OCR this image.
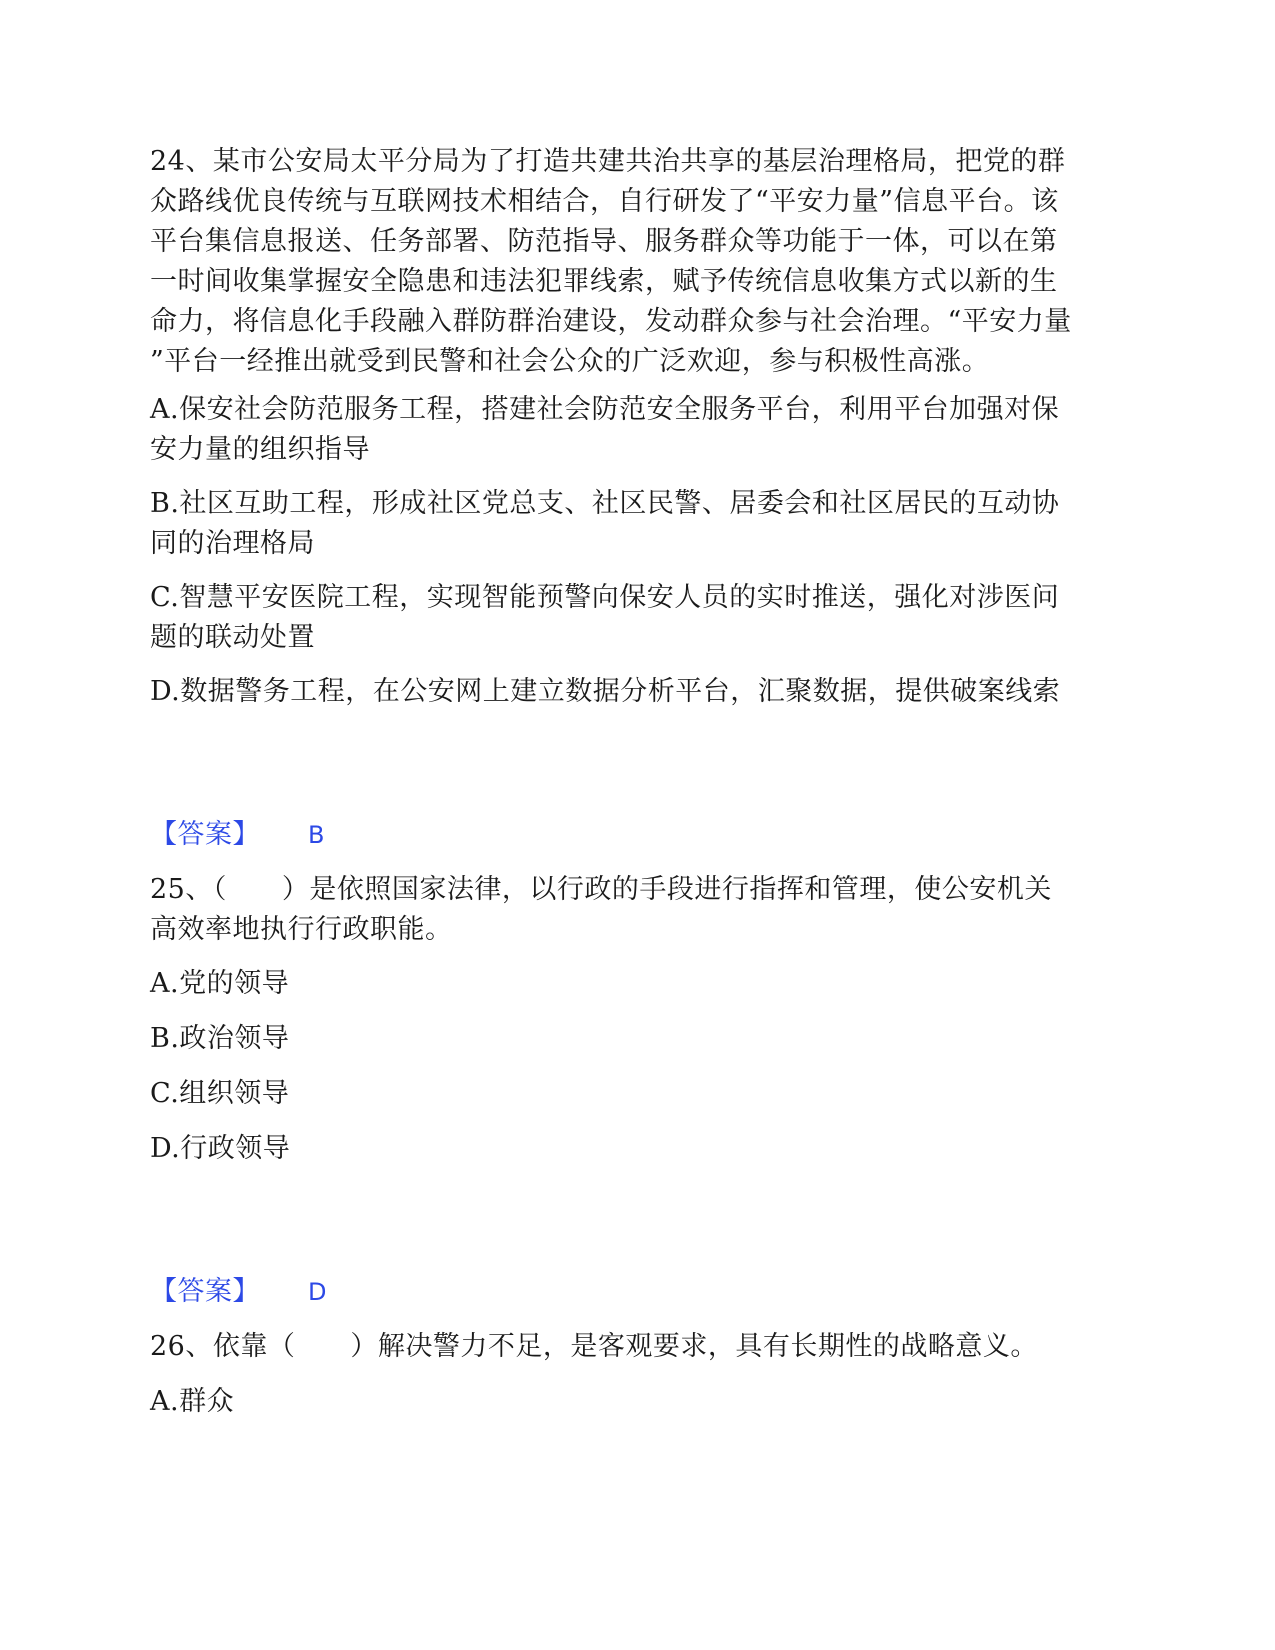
24、某市公安局太平分局为了打造共建共治共享的基层治理格局，把党的群
众路线优良传统与互联网技术相结合，自行研发了“平安力量”信息平台。该
平台集信息报送、任务部署、防范指导、服务群众等功能于一体，可以在第
一时间收集掌握安全隐患和违法犯罪线索，赋予传统信息收集方式以新的生
命力，将信息化手段融入群防群治建设，发动群众参与社会治理。“平安力量
”平台一经推出就受到民警和社会公众的广泛欢迎，参与积极性高涨。
A.保安社会防范服务工程，搭建社会防范安全服务平台，利用平台加强对保
安力量的组织指导
B.社区互助工程，形成社区党总支、社区民警、居委会和社区居民的互动协
同的治理格局
C.智慧平安医院工程，实现智能预警向保安人员的实时推送，强化对涉医问
题的联动处置
D.数据警务工程，在公安网上建立数据分析平台，汇聚数据，提供破案线索
【答案】 B
25、（　　）是依照国家法律，以行政的手段进行指挥和管理，使公安机关
高效率地执行行政职能。
A.党的领导
B.政治领导
C.组织领导
D.行政领导
【答案】 D
26、依靠（　　）解决警力不足，是客观要求，具有长期性的战略意义。
A.群众
